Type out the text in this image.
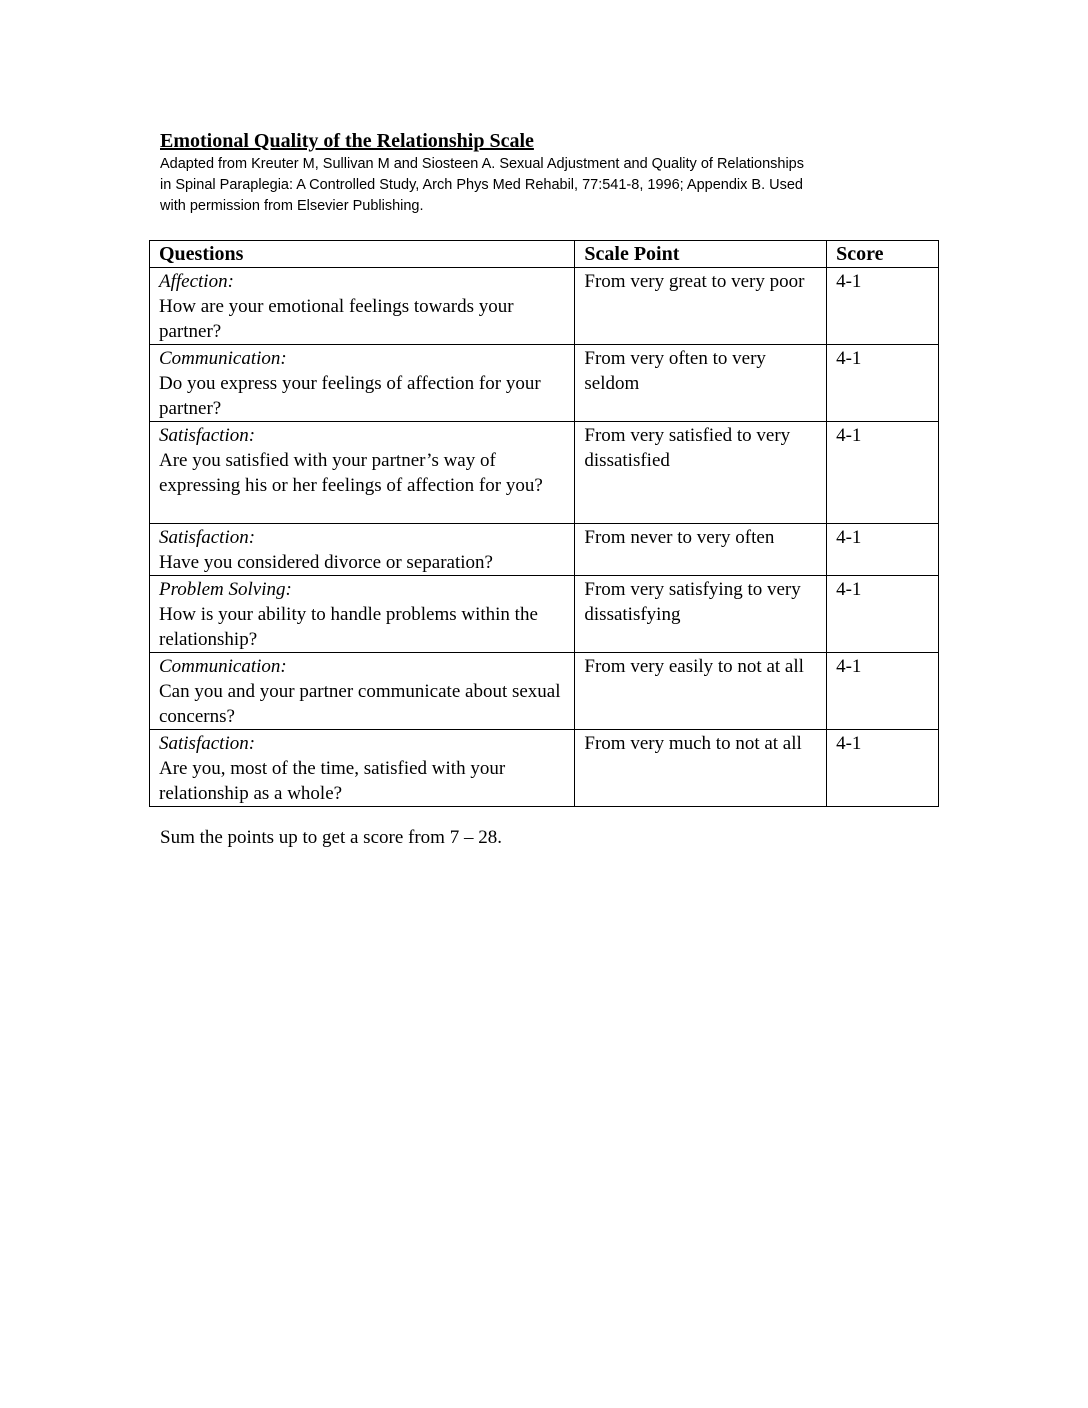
Emotional Quality of the Relationship Scale
Adapted from Kreuter M, Sullivan M and Siosteen A. Sexual Adjustment and Quality of Relationships
in Spinal Paraplegia: A Controlled Study, Arch Phys Med Rehabil, 77:541-8, 1996; Appendix B. Used
with permission from Elsevier Publishing.
Questions	Scale Point	Score

Affection:
How are your emotional feelings towards your partner?	From very great to very poor	4-1

Communication:
Do you express your feelings of affection for your partner?	From very often to very seldom	4-1

Satisfaction:
Are you satisfied with your partner’s way of expressing his or her feelings of affection for you?	From very satisfied to very dissatisfied	4-1

Satisfaction:
Have you considered divorce or separation?	From never to very often	4-1

Problem Solving:
How is your ability to handle problems within the relationship?	From very satisfying to very dissatisfying	4-1

Communication:
Can you and your partner communicate about sexual concerns?	From very easily to not at all	4-1

Satisfaction:
Are you, most of the time, satisfied with your relationship as a whole?	From very much to not at all	4-1
Sum the points up to get a score from 7 – 28.
